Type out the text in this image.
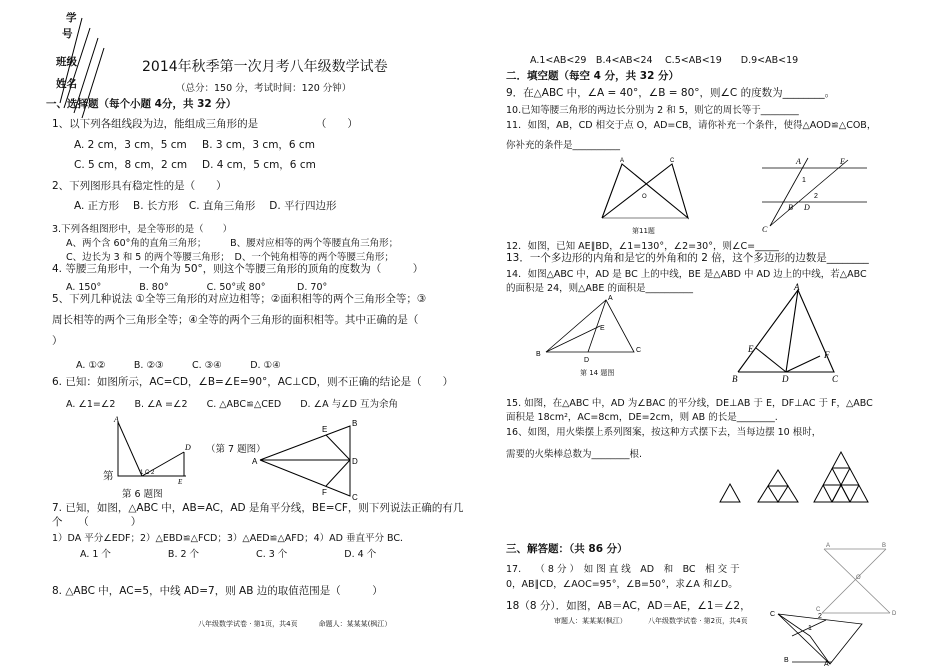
学
号
班级
姓名
2014年秋季第一次月考八年级数学试卷
（总分：150 分，考试时间：120 分钟）
一、选择题（每个小题 4分，共 32 分）
1、以下列各组线段为边，能组成三角形的是　　　　　　（　　）
A. 2 cm，3 cm，5 cm B. 3 cm，3 cm，6 cm
C. 5 cm，8 cm，2 cm D. 4 cm，5 cm，6 cm
2、下列图形具有稳定性的是（　　）
A. 正方形　 B. 长方形　C. 直角三角形　 D. 平行四边形
3.下列各组图形中，是全等形的是（　　）
A、两个含 60°角的直角三角形；　　　B、腰对应相等的两个等腰直角三角形；
C、边长为 3 和 5 的两个等腰三角形；　D、一个钝角相等的两个等腰三角形；
4. 等腰三角形中，一个角为 50°，则这个等腰三角形的顶角的度数为（　　　）
A. 150°　　　　B. 80°　　　　C. 50°或 80°　　　 D. 70°
5、下列几种说法 ①全等三角形的对应边相等；②面积相等的两个三角形全等；③
周长相等的两个三角形全等；④全等的两个三角形的面积相等。其中正确的是（
）
A. ①②　　　B. ②③　　　C. ③④　　　D. ①④
6. 已知：如图所示，AC=CD，∠B=∠E=90°，AC⊥CD，则不正确的结论是（　　）
A. ∠1=∠2　　B. ∠A =∠2　　C. △ABC≌△CED　　D. ∠A 与∠D 互为余角
A
D
1 C 2
E
第
第 6 题图
（第 7 题图）
A
B
E
D
F
C
7. 已知，如图，△ABC 中，AB=AC，AD 是角平分线，BE=CF，则下列说法正确的有几
个　　（　　　　）
1）DA 平分∠EDF；2）△EBD≌△FCD；3）△AED≌△AFD；4）AD 垂直平分 BC．
A. 1 个　　　　　　B. 2 个　　　　　　C. 3 个　　　　　　D. 4 个
8. △ABC 中，AC=5，中线 AD=7，则 AB 边的取值范围是（　　　）
八年级数学试卷 · 第1页，共4页　　　命题人：某某某(枫江）
A.1<AB<29　B.4<AB<24　 C.5<AB<19　　D.9<AB<19
二．填空题（每空 4 分，共 32 分）
9．在△ABC 中，∠A = 40°，∠B = 80°，则∠C 的度数为________。
10.已知等腰三角形的两边长分别为 2 和 5，则它的周长等于________
11．如图，AB，CD 相交于点 O，AD=CB，请你补充一个条件，使得△AOD≌△COB，
你补充的条件是__________
A	C
O
第11题
A	E
1
2
B D
C
12．如图，已知 AE∥BD，∠1=130°，∠2=30°，则∠C=_____
13．一个多边形的内角和是它的外角和的 2 倍，这个多边形的边数是________
14．如图△ABC 中，AD 是 BC 上的中线，BE 是△ABD 中 AD 边上的中线，若△ABC
的面积是 24，则△ABE 的面积是__________
A
E
B
D
C
第 14 题图
A
E
F
B	D	C
15. 如图，在△ABC 中，AD 为∠BAC 的平分线，DE⊥AB 于 E，DF⊥AC 于 F，△ABC
面积是 18cm²，AC=8cm，DE=2cm，则 AB 的长是________.
16、如图，用火柴摆上系列图案，按这种方式摆下去，当每边摆 10 根时，
需要的火柴棒总数为________根.
三、解答题：（共 86 分）
17.　　（ 8 分 ）　如 图 直 线　AD　和　BC　相 交 于
0，AB∥CD，∠AOC=95°，∠B=50°，求∠A 和∠D。
A	B
O
C
D
18（8 分）．如图，AB＝AC，AD＝AE，∠1＝∠2，
C	2
1
B
A
审题人：某某某(枫江）	八年级数学试卷 · 第2页，共4页
